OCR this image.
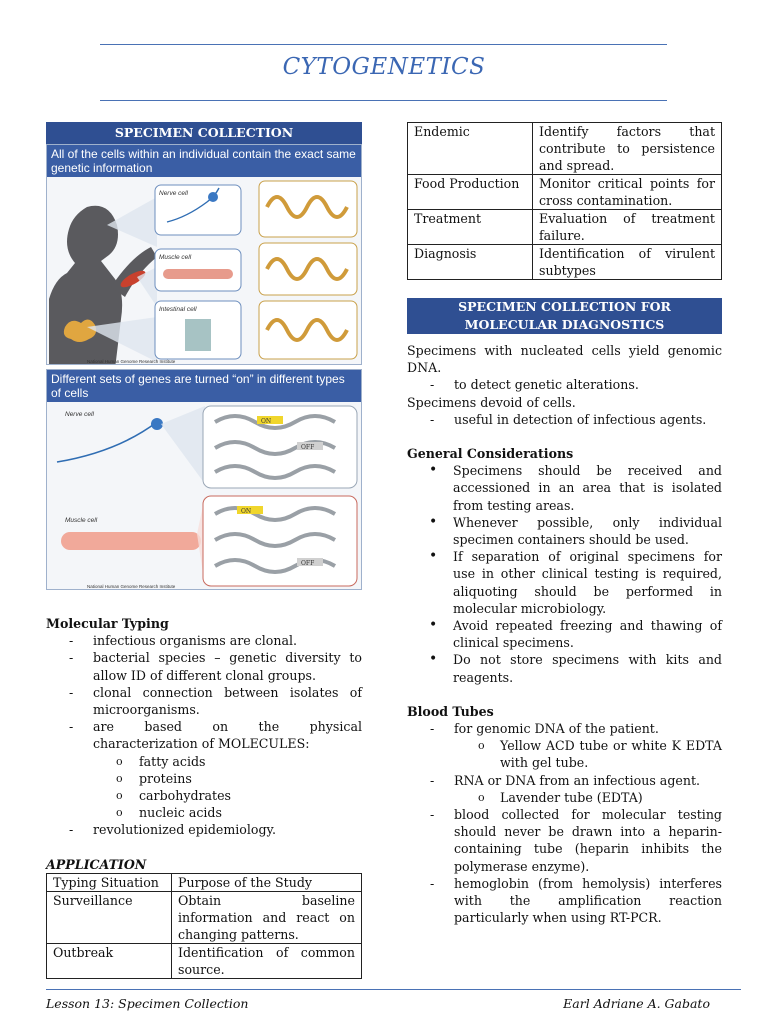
CYTOGENETICS
SPECIMEN COLLECTION
All of the cells within an individual contain the exact same genetic information
Nerve cell
Muscle cell
Intestinal cell
National Human Genome Research Institute
Different sets of genes are turned “on” in different types of cells
Nerve cell
ON
OFF
Muscle cell
ON
OFF
National Human Genome Research Institute
Molecular Typing
- infectious organisms are clonal.
- bacterial species – genetic diversity to allow ID of different clonal groups.
- clonal connection between isolates of microorganisms.
- are based on the physical characterization of MOLECULES:
o fatty acids
o proteins
o carbohydrates
o nucleic acids
- revolutionized epidemiology.
APPLICATION
Typing Situation	Purpose of the Study
Surveillance	Obtain baseline information and react on changing patterns.
Outbreak	Identification of common source.
Endemic	Identify factors that contribute to persistence and spread.
Food Production	Monitor critical points for cross contamination.
Treatment	Evaluation of treatment failure.
Diagnosis	Identification of virulent subtypes
SPECIMEN COLLECTION FOR MOLECULAR DIAGNOSTICS
Specimens with nucleated cells yield genomic DNA.
- to detect genetic alterations.
Specimens devoid of cells.
- useful in detection of infectious agents.
General Considerations
• Specimens should be received and accessioned in an area that is isolated from testing areas.
• Whenever possible, only individual specimen containers should be used.
• If separation of original specimens for use in other clinical testing is required, aliquoting should be performed in molecular microbiology.
• Avoid repeated freezing and thawing of clinical specimens.
• Do not store specimens with kits and reagents.
Blood Tubes
- for genomic DNA of the patient.
o Yellow ACD tube or white K EDTA with gel tube.
- RNA or DNA from an infectious agent.
o Lavender tube (EDTA)
- blood collected for molecular testing should never be drawn into a heparin-containing tube (heparin inhibits the polymerase enzyme).
- hemoglobin (from hemolysis) interferes with the amplification reaction particularly when using RT-PCR.
Lesson 13: Specimen Collection	Earl Adriane A. Gabato
